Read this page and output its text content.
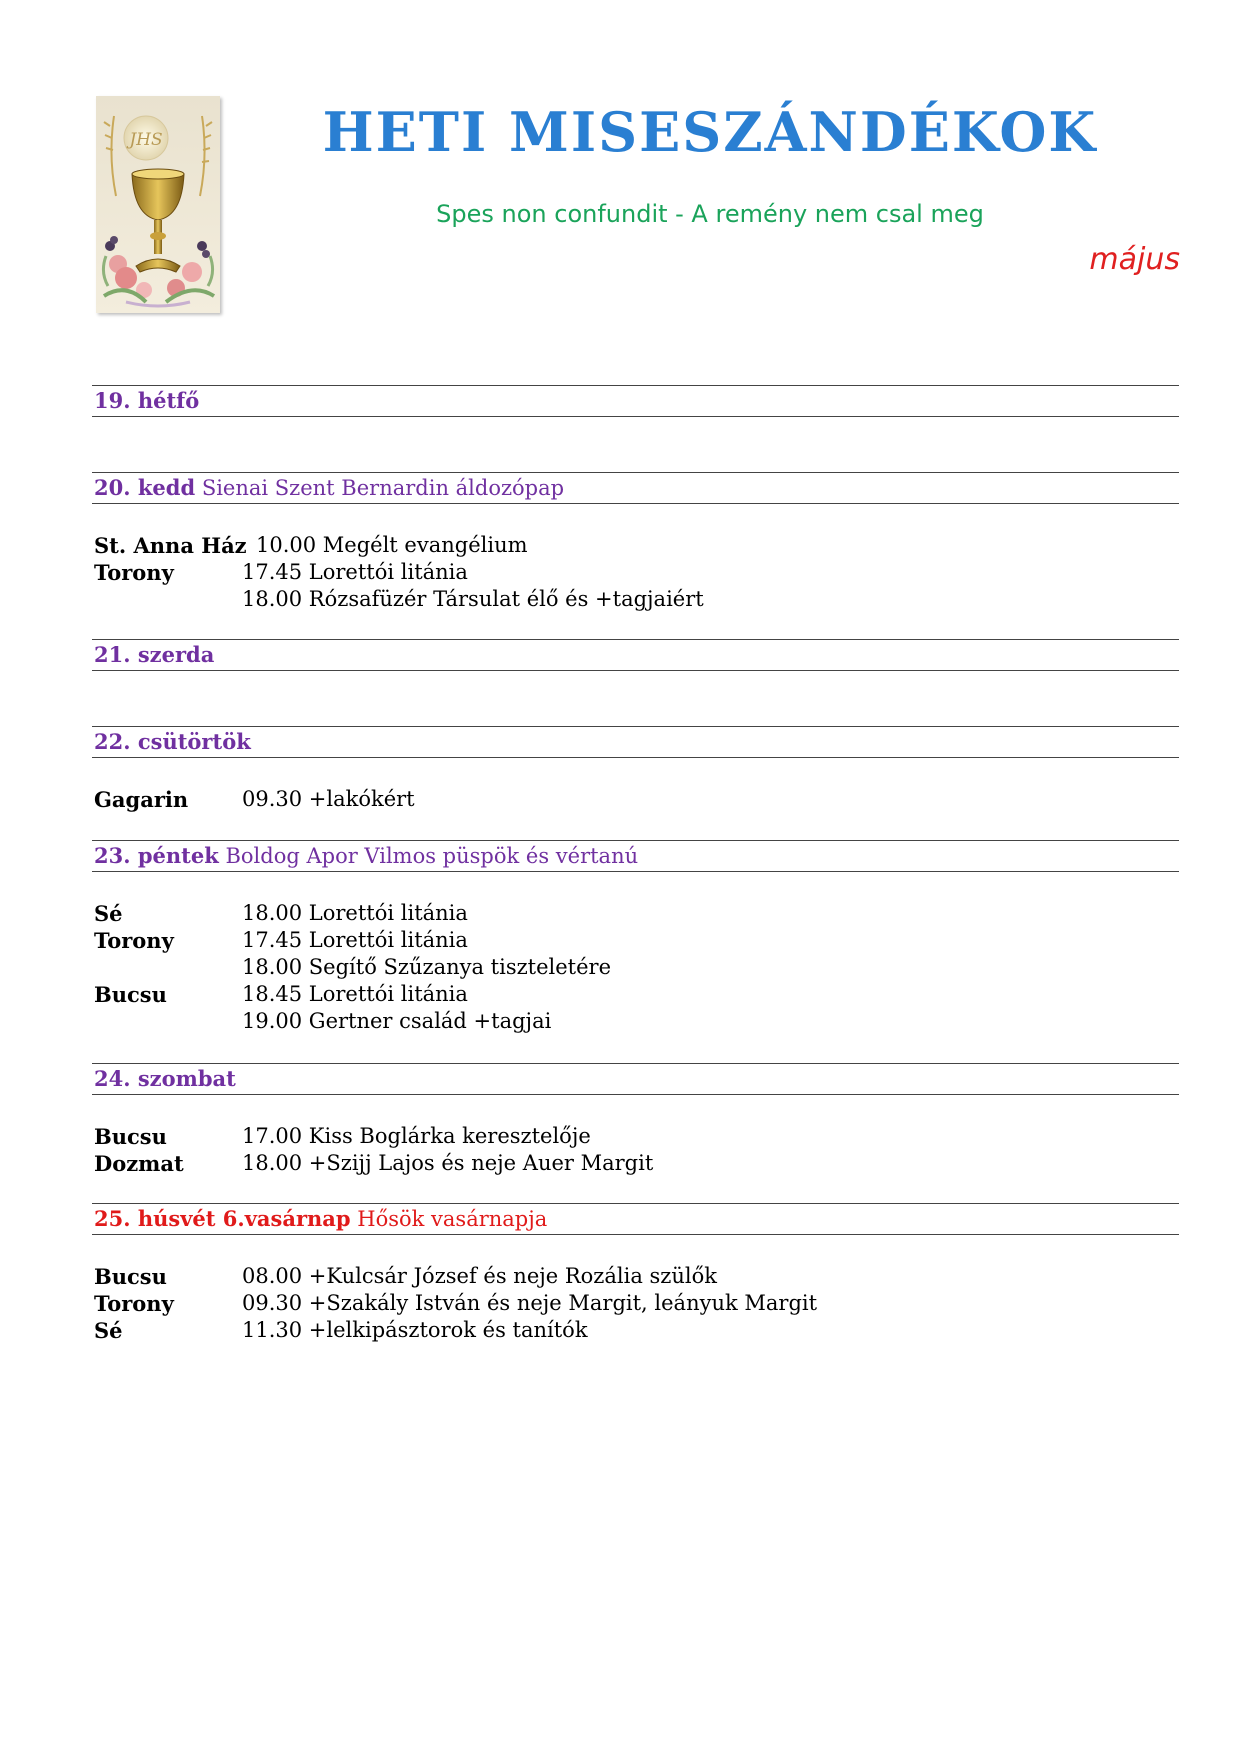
JHS	HETI MISESZÁNDÉKOK
Spes non confundit - A remény nem csal meg
május
19. hétfő
20. kedd Sienai Szent Bernardin áldozópap
St. Anna Ház 10.00 Megélt evangélium
Torony	17.45 Lorettói litánia
18.00 Rózsafüzér Társulat élő és +tagjaiért
21. szerda
22. csütörtök
Gagarin	09.30 +lakókért
23. péntek Boldog Apor Vilmos püspök és vértanú
Sé	18.00 Lorettói litánia
Torony	17.45 Lorettói litánia
18.00 Segítő Szűzanya tiszteletére
Bucsu	18.45 Lorettói litánia
19.00 Gertner család +tagjai
24. szombat
Bucsu	17.00 Kiss Boglárka keresztelője
Dozmat	18.00 +Szijj Lajos és neje Auer Margit
25. húsvét 6.vasárnap Hősök vasárnapja
Bucsu	08.00 +Kulcsár József és neje Rozália szülők
Torony	09.30 +Szakály István és neje Margit, leányuk Margit
Sé	11.30 +lelkipásztorok és tanítók
